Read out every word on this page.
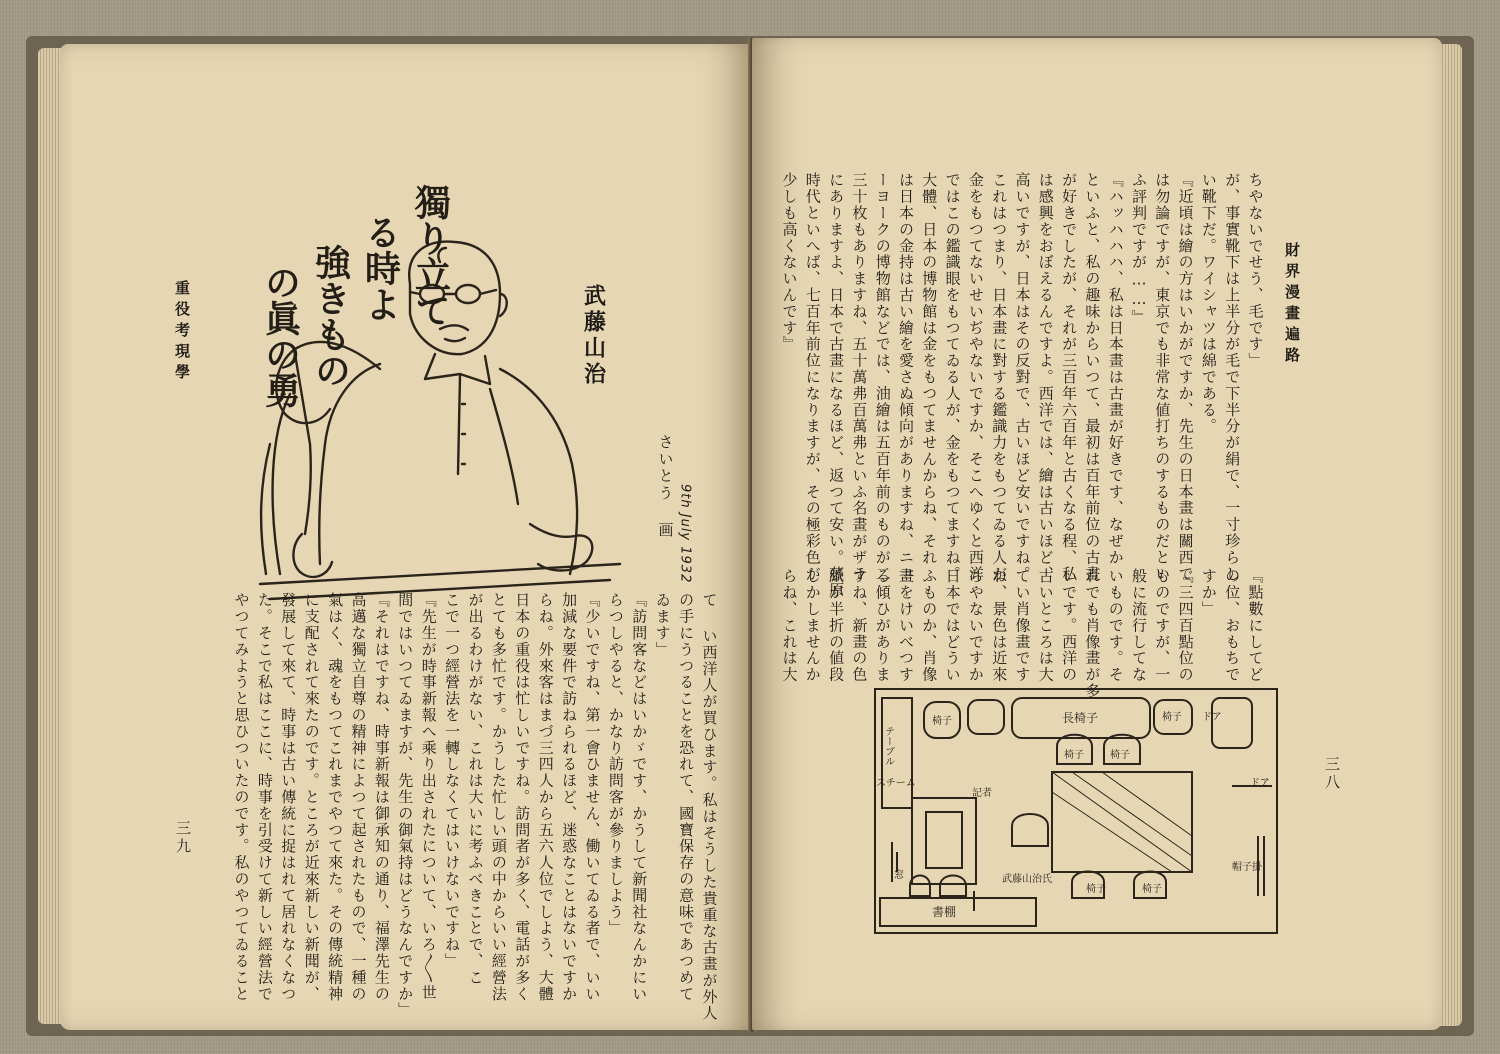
重役考現學
獨り立て
る時よ
強きもの
の眞の勇	武藤山治
さいとう 画 9th July 1932
て い西洋人が買ひます。私はそうした貴重な古畫が外人
の手にうつることを恐れて、國寶保存の意味であつめて
ゐます」
『訪問客などはいかゞです、かうして新聞社なんかにい
らつしやると、かなり訪問客が參りましよう」
『少いですね、第一會ひません、働いてゐる者で、いい
加減な要件で訪ねられるほど、迷惑なことはないですか
らね。外來客はまづ三四人から五六人位でしよう、大體
日本の重役は忙しいですね。訪問者が多く、電話が多く
とても多忙です。かうした忙しい頭の中からいい經營法
が出るわけがない、これは大いに考ふべきことで、こ
こで一つ經營法を一轉しなくてはいけないですね」
『先生が時事新報へ乘り出されたについて、いろ〳〵世
間ではいつてゐますが、先生の御氣持はどうなんですか」
『それはですね、時事新報は御承知の通り、福澤先生の
高邁な獨立自尊の精神によつて起されたもので、一種の
氣はく、魂をもつてこれまでやつて來た。その傳統精神
に支配されて來たのです。ところが近來新しい新聞が、
發展して來て、時事は古い傳統に捉はれて居れなくなつ
た。そこで私はここに、時事を引受けて新しい經營法で
やつてみようと思ひついたのです。私のやつてゐること
三九
財界漫畫遍路
ちやないでせう、毛です」
が、事實靴下は上半分が毛で下半分が絹で、一寸珍らし
い靴下だ。ワイシャツは綿である。
『近頃は繪の方はいかがですか、先生の日本畫は關西で
は勿論ですが、東京でも非常な値打ちのするものだとい
ふ評判ですが……』
『ハッハハハ、私は日本畫は古畫が好きです、なぜか
といふと、私の趣味からいつて、最初は百年前位の古畫
が好きでしたが、それが三百年六百年と古くなる程、私
は感興をおぼえるんですよ。西洋では、繪は古いほど、
高いですが、日本はその反對で、古いほど安いですね。
これはつまり、日本畫に對する鑑識力をもつてゐる人が
金をもつてないせいぢやないですか、そこへゆくと西洋
ではこの鑑識眼をもつてゐる人が、金をもつてますね。
大體、日本の博物館は金をもつてませんからね、それ
は日本の金持は古い繪を愛さぬ傾向がありますね、ニュ
ーヨークの博物館などでは、油繪は五百年前のものが二
三十枚もありますね、五十萬弗百萬弗といふ名畫がザラ
にありますよ、日本で古畫になるほど、返つて安い。藤原
時代といへば、七百年前位になりますが、その極彩色が
少しも高くないんです』
『點數にしてど
の位、おもちで
すか」
『三四百點位の
ものですが、一
般に流行してな
いものです。そ
れでも肖像畫が多
いです。西洋の
古いところは大
てい肖像畫です
ね、景色は近來
ちやないですか
日本ではどうい
ふものか、肖像
畫をけいべつす
る傾ひがありま
すね、新畫の色
紙が半折の値段
しかしませんか
らね、これは大
三八
テーブル
椅子	長椅子	椅子
椅子	椅子
ドア
スチーム
窓
書棚
記者
武藤山治氏
椅子	椅子
帽子掛
ドア
